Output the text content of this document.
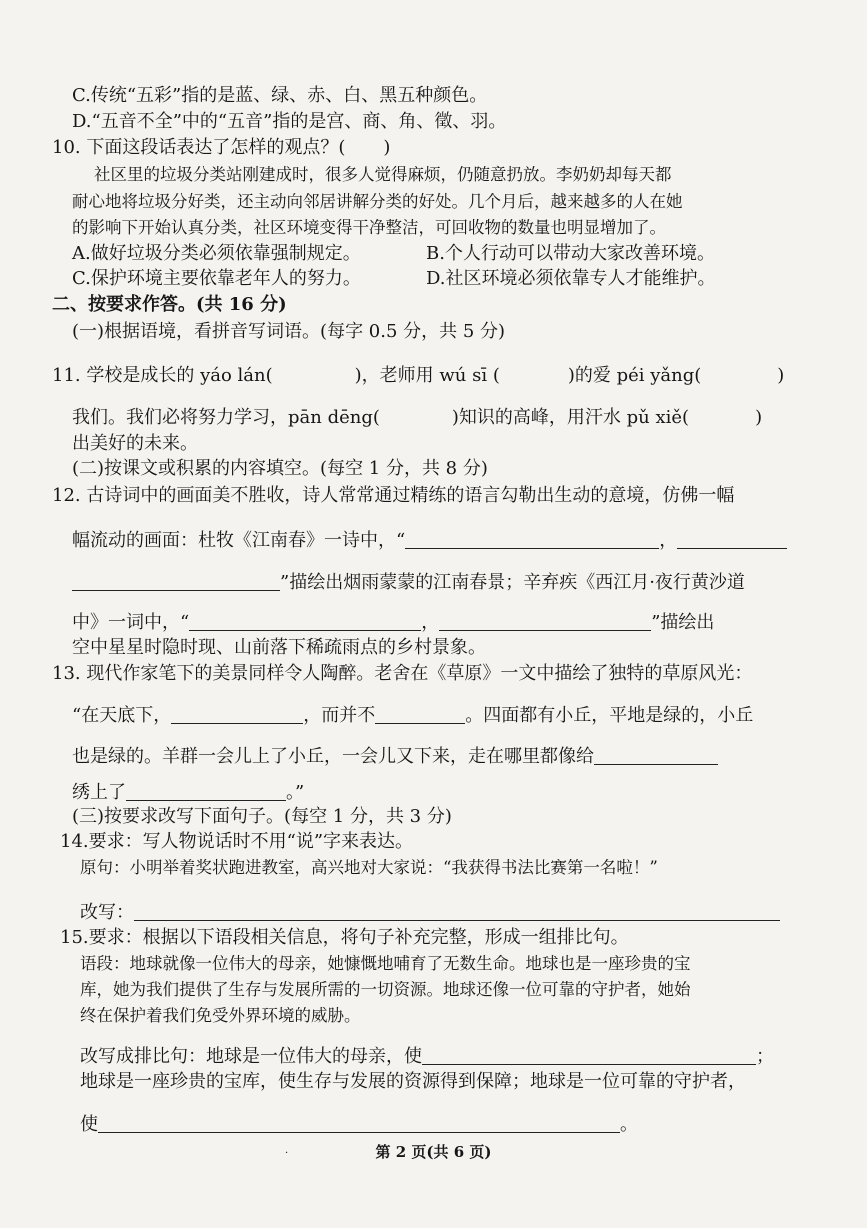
C.传统“五彩”指的是蓝、绿、赤、白、黑五种颜色。
D.“五音不全”中的“五音”指的是宫、商、角、徵、羽。
10. 下面这段话表达了怎样的观点？( )
社区里的垃圾分类站刚建成时，很多人觉得麻烦，仍随意扔放。李奶奶却每天都
耐心地将垃圾分好类，还主动向邻居讲解分类的好处。几个月后，越来越多的人在她
的影响下开始认真分类，社区环境变得干净整洁，可回收物的数量也明显增加了。
A.做好垃圾分类必须依靠强制规定。	B.个人行动可以带动大家改善环境。
C.保护环境主要依靠老年人的努力。	D.社区环境必须依靠专人才能维护。
二、按要求作答。(共 16 分)
(一)根据语境，看拼音写词语。(每字 0.5 分，共 5 分)
11. 学校是成长的 yáo lán(	)，老师用 wú sī (	)的爱 péi yǎng(	)
我们。我们必将努力学习，pān dēng(	)知识的高峰，用汗水 pǔ xiě(	)
出美好的未来。
(二)按课文或积累的内容填空。(每空 1 分，共 8 分)
12. 古诗词中的画面美不胜收，诗人常常通过精练的语言勾勒出生动的意境，仿佛一幅
幅流动的画面：杜牧《江南春》一诗中，“	，
”描绘出烟雨蒙蒙的江南春景；辛弃疾《西江月·夜行黄沙道
中》一词中，“	，	”描绘出
空中星星时隐时现、山前落下稀疏雨点的乡村景象。
13. 现代作家笔下的美景同样令人陶醉。老舍在《草原》一文中描绘了独特的草原风光：
“在天底下，	，而并不	。四面都有小丘，平地是绿的，小丘
也是绿的。羊群一会儿上了小丘，一会儿又下来，走在哪里都像给
绣上了	。”
(三)按要求改写下面句子。(每空 1 分，共 3 分)
14.要求：写人物说话时不用“说”字来表达。
原句：小明举着奖状跑进教室，高兴地对大家说：“我获得书法比赛第一名啦！”
改写：
15.要求：根据以下语段相关信息，将句子补充完整，形成一组排比句。
语段：地球就像一位伟大的母亲，她慷慨地哺育了无数生命。地球也是一座珍贵的宝
库，她为我们提供了生存与发展所需的一切资源。地球还像一位可靠的守护者，她始
终在保护着我们免受外界环境的威胁。
改写成排比句：地球是一位伟大的母亲，使	；
地球是一座珍贵的宝库，使生存与发展的资源得到保障；地球是一位可靠的守护者，
使	。
·	第 2 页(共 6 页)
